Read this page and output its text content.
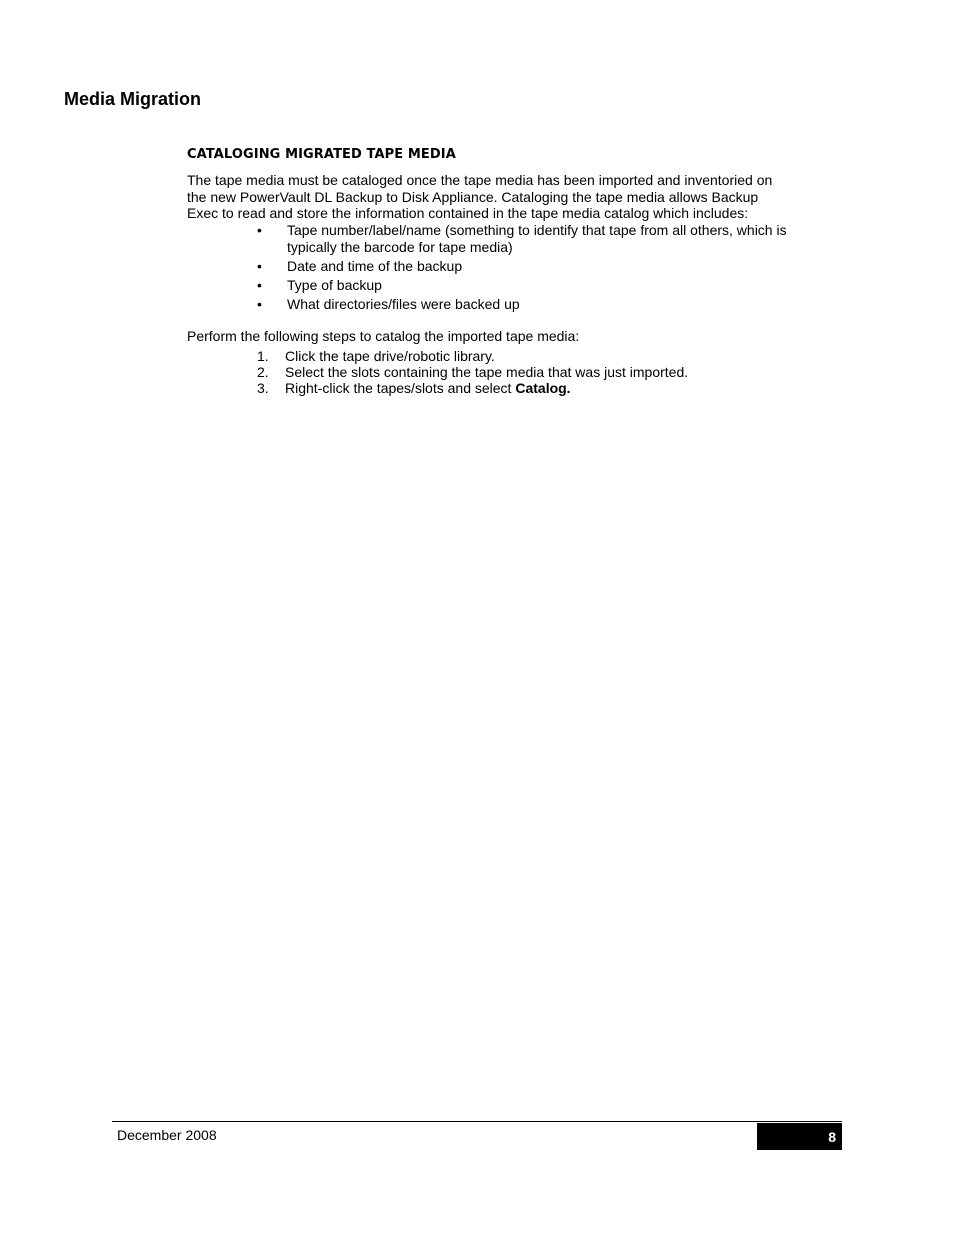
Media Migration
CATALOGING MIGRATED TAPE MEDIA

The tape media must be cataloged once the tape media has been imported and inventoried on the new PowerVault DL Backup to Disk Appliance. Cataloging the tape media allows Backup Exec to read and store the information contained in the tape media catalog which includes:

• Tape number/label/name (something to identify that tape from all others, which is typically the barcode for tape media)
• Date and time of the backup
• Type of backup
• What directories/files were backed up

Perform the following steps to catalog the imported tape media:

1. Click the tape drive/robotic library.
2. Select the slots containing the tape media that was just imported.
3. Right-click the tapes/slots and select Catalog.

December 2008	8
